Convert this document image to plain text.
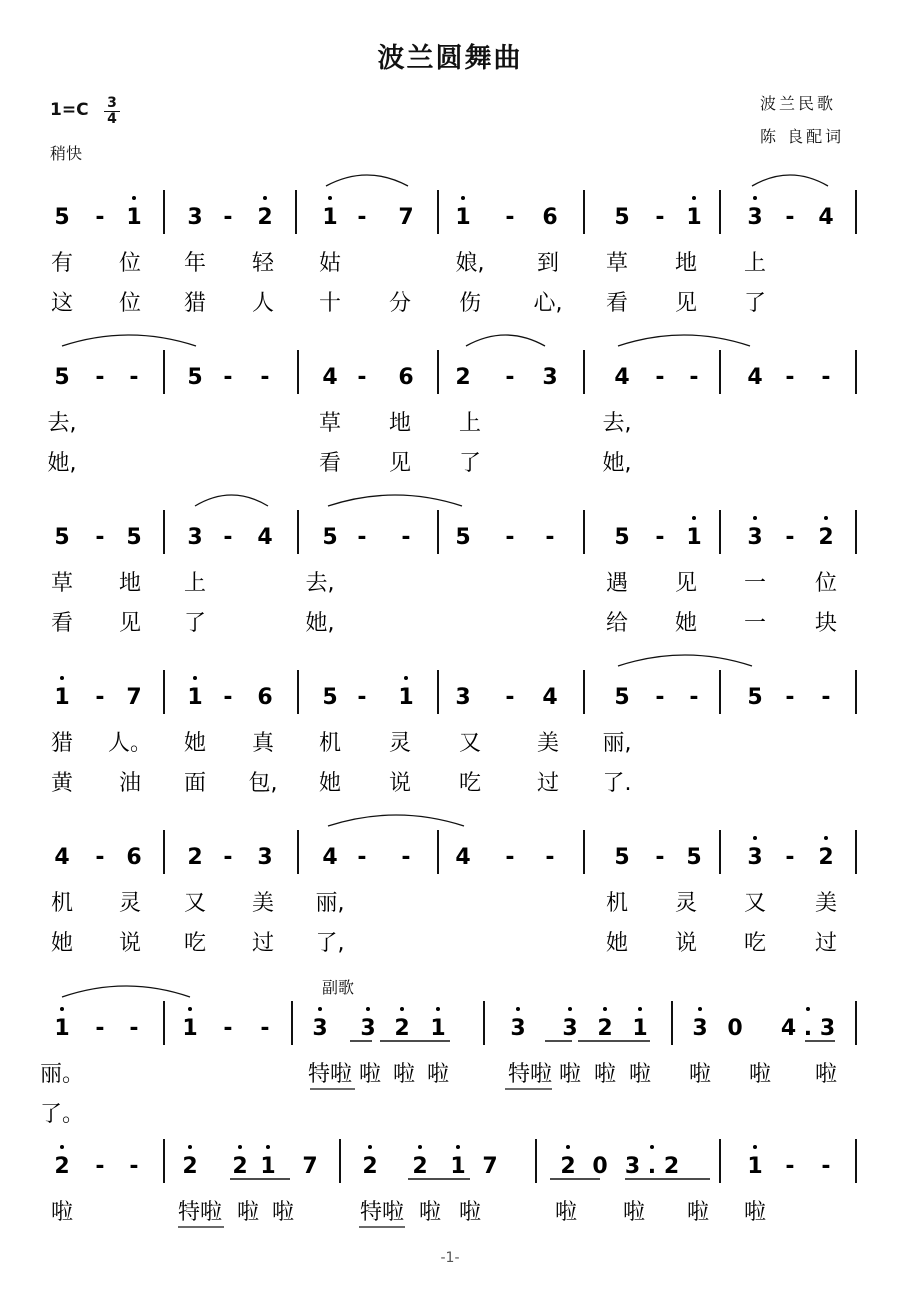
波兰圆舞曲
1=C 3
4
稍快
波兰民歌
陈 良配词
副歌
-1-
5 - 1 3 - 2 1 - 7 1 - 6	5 - 1 3 - 4
有 位 年 轻 姑	娘, 到 草 地 上
这 位 猎 人 十 分 伤 心, 看 见 了
5 - - 5 - - 4 - 6 2 - 3	4 - - 4 - -
去,	草 地 上	去,
她,	看 见 了	她,
5 - 5 3 - 4 5 - - 5 - -	5 - 1 3 - 2
草 地 上	去,	遇 见 一 位
看 见 了	她,	给 她 一 块
1 - 7 1 - 6 5 - 1 3 - 4	5 - - 5 - -
猎 人。 她 真 机 灵 又	美 丽,
黄 油 面 包, 她 说 吃	过 了.
4 - 6 2 - 3 4 - - 4 - -	5 - 5 3 - 2
机 灵 又 美 丽,	机 灵 又 美
她 说 吃 过 了,	她 说 吃 过
1 - - 1 - - 3 3 2 1	3 3 2 1 3 0 4 . 3
丽。	特啦 啦 啦 啦	特啦 啦 啦 啦 啦 啦 啦
了。
2 - - 2 2 1 7 2 2 1 7	2 0 3 . 2	1 - -
啦	特啦 啦 啦	特啦 啦 啦	啦 啦 啦 啦
